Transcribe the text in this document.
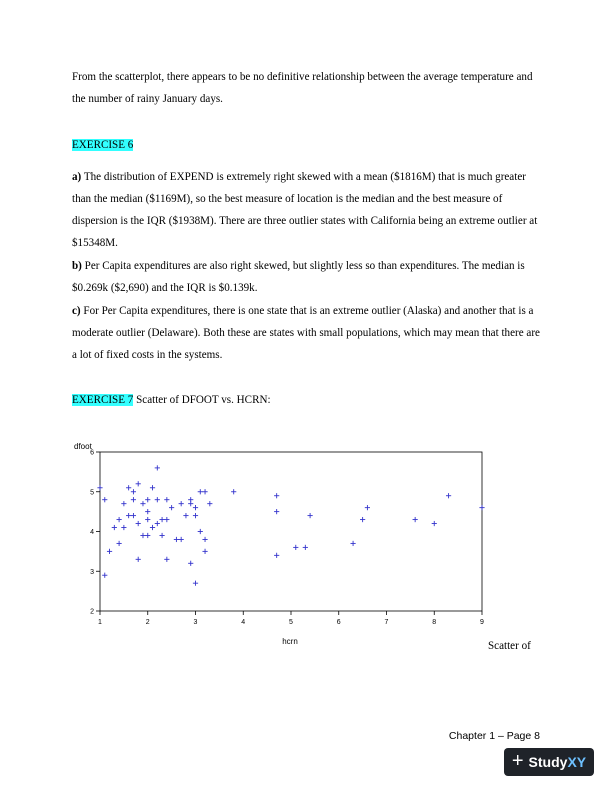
From the scatterplot, there appears to be no definitive relationship between the average temperature and the number of rainy January days.

EXERCISE 6

a) The distribution of EXPEND is extremely right skewed with a mean ($1816M) that is much greater than the median ($1169M), so the best measure of location is the median and the best measure of dispersion is the IQR ($1938M). There are three outlier states with California being an extreme outlier at $15348M.

b) Per Capita expenditures are also right skewed, but slightly less so than expenditures. The median is $0.269k ($2,690) and the IQR is $0.139k.

c) For Per Capita expenditures, there is one state that is an extreme outlier (Alaska) and another that is a moderate outlier (Delaware). Both these are states with small populations, which may mean that there are a lot of fixed costs in the systems.

EXERCISE 7 Scatter of DFOOT vs. HCRN:

1	2	3	4	5	6	7	8	9
2
3
4
5
6
dfoot
hcrn	Scatter of
Chapter 1 – Page 8
+ StudyXY
